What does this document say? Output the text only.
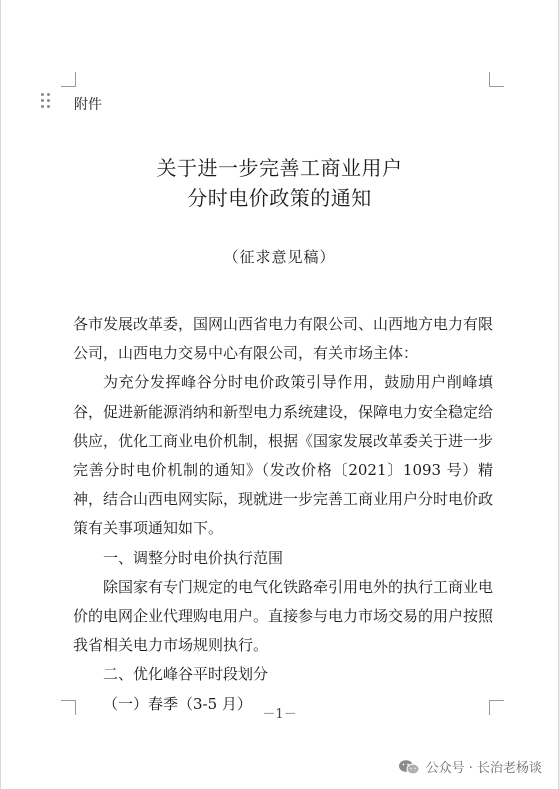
附件
关于进一步完善工商业用户
分时电价政策的通知
（征求意见稿）

各市发展改革委，国网山西省电力有限公司、山西地方电力有限公司，山西电力交易中心有限公司，有关市场主体：

为充分发挥峰谷分时电价政策引导作用，鼓励用户削峰填谷，促进新能源消纳和新型电力系统建设，保障电力安全稳定给供应，优化工商业电价机制，根据《国家发展改革委关于进一步完善分时电价机制的通知》（发改价格〔2021〕1093 号）精神，结合山西电网实际，现就进一步完善工商业用户分时电价政策有关事项通知如下。

一、调整分时电价执行范围

除国家有专门规定的电气化铁路牵引用电外的执行工商业电价的电网企业代理购电用户。直接参与电力市场交易的用户按照我省相关电力市场规则执行。

二、优化峰谷平时段划分

（一）春季（3-5 月）

－1－
公众号 · 长治老杨谈
